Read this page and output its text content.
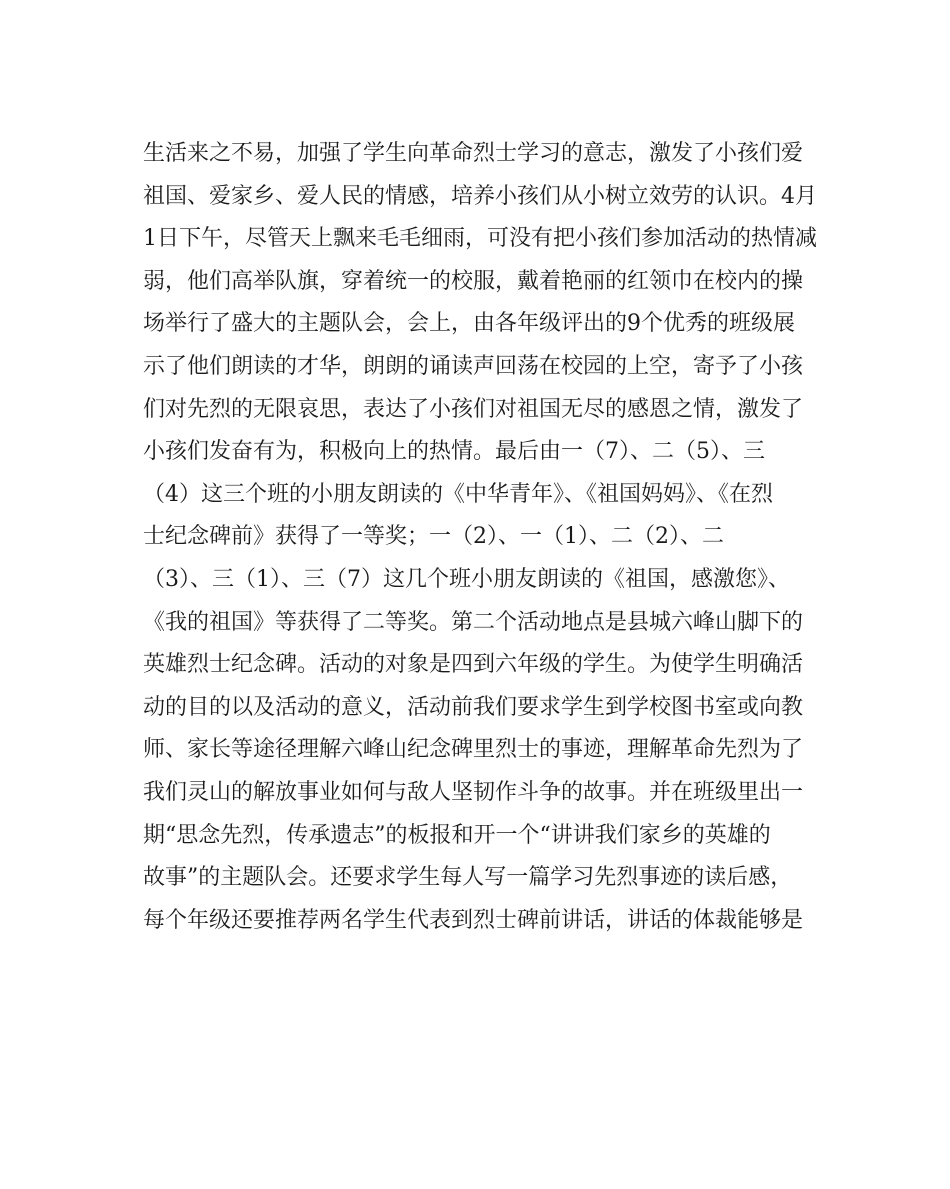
生活来之不易，加强了学生向革命烈士学习的意志，激发了小孩们爱
祖国、爱家乡、爱人民的情感，培养小孩们从小树立效劳的认识。4月
1日下午，尽管天上飘来毛毛细雨，可没有把小孩们参加活动的热情减
弱，他们高举队旗，穿着统一的校服，戴着艳丽的红领巾在校内的操
场举行了盛大的主题队会，会上，由各年级评出的9个优秀的班级展
示了他们朗读的才华，朗朗的诵读声回荡在校园的上空，寄予了小孩
们对先烈的无限哀思，表达了小孩们对祖国无尽的感恩之情，激发了
小孩们发奋有为，积极向上的热情。最后由一（7）、二（5）、三
（4）这三个班的小朋友朗读的《中华青年》、《祖国妈妈》、《在烈
士纪念碑前》获得了一等奖；一（2）、一（1）、二（2）、二
（3）、三（1）、三（7）这几个班小朋友朗读的《祖国，感激您》、
《我的祖国》等获得了二等奖。第二个活动地点是县城六峰山脚下的
英雄烈士纪念碑。活动的对象是四到六年级的学生。为使学生明确活
动的目的以及活动的意义，活动前我们要求学生到学校图书室或向教
师、家长等途径理解六峰山纪念碑里烈士的事迹，理解革命先烈为了
我们灵山的解放事业如何与敌人坚韧作斗争的故事。并在班级里出一
期“思念先烈，传承遗志”的板报和开一个“讲讲我们家乡的英雄的
故事”的主题队会。还要求学生每人写一篇学习先烈事迹的读后感，
每个年级还要推荐两名学生代表到烈士碑前讲话，讲话的体裁能够是
